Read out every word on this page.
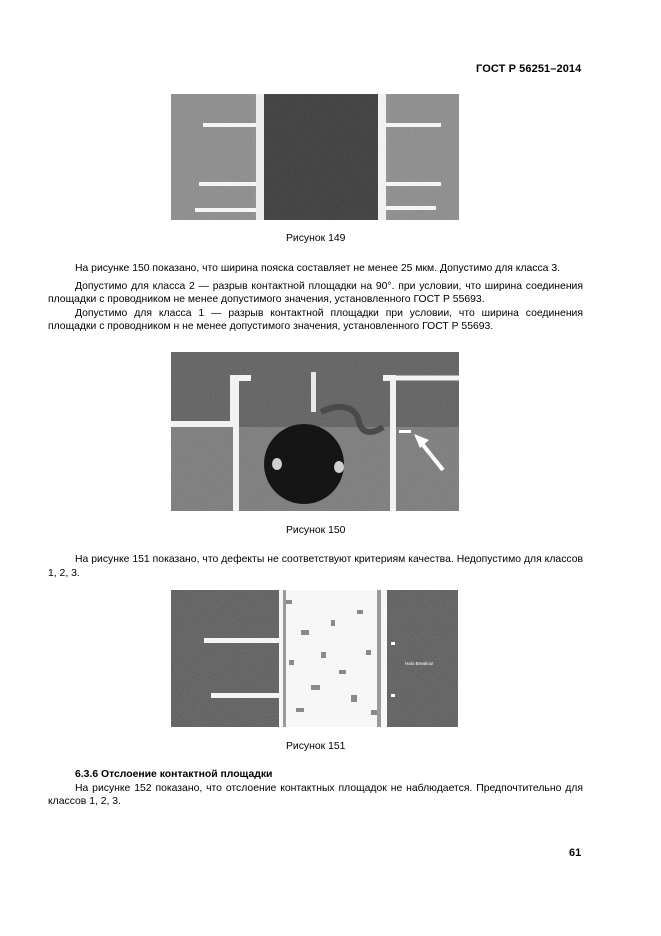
ГОСТ Р 56251–2014
Рисунок 149

На рисунке 150 показано, что ширина пояска составляет не менее 25 мкм. Допустимо для класса 3.

Допустимо для класса 2 — разрыв контактной площадки на 90°. при условии, что ширина соединения площадки с проводником не менее допустимого значения, установленного ГОСТ Р 55693.

Допустимо для класса 1 — разрыв контактной площадки при условии, что ширина соединения площадки с проводником н не менее допустимого значения, установленного ГОСТ Р 55693.

Рисунок 150

На рисунке 151 показано, что дефекты не соответствуют критериям качества. Недопустимо для классов 1, 2, 3.

Halo Breakout
Рисунок 151
6.3.6 Отслоение контактной площадки

На рисунке 152 показано, что отслоение контактных площадок не наблюдается. Предпочтительно для классов 1, 2, 3.

61
